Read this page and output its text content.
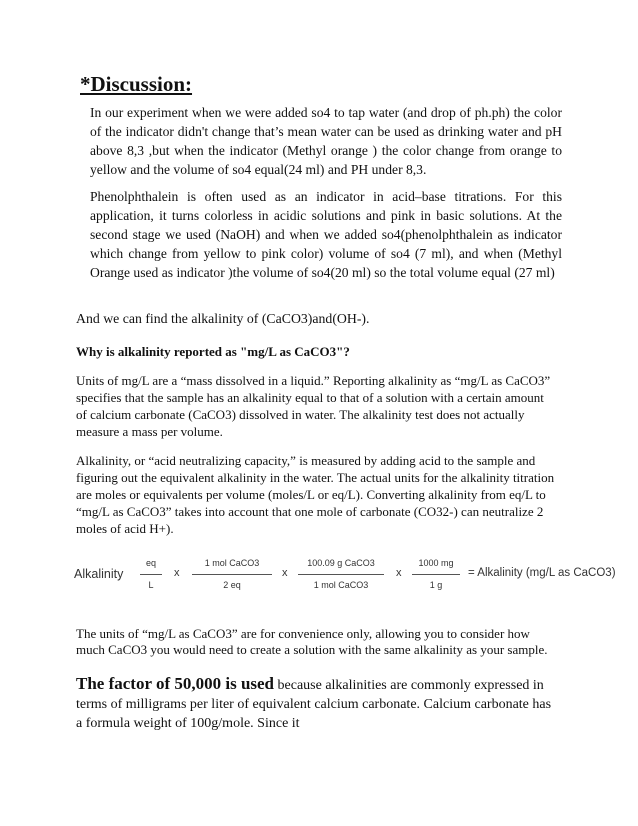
*Discussion:

In our experiment when we were added so4 to tap water (and drop of ph.ph) the color of the indicator didn't change that’s mean water can be used as drinking water and pH above 8,3 ,but when the indicator (Methyl orange ) the color change from orange to yellow and the volume of so4 equal(24 ml) and PH under 8,3.

Phenolphthalein is often used as an indicator in acid–base titrations. For this application, it turns colorless in acidic solutions and pink in basic solutions. At the second stage we used (NaOH) and when we added so4(phenolphthalein as indicator which change from yellow to pink color) volume of so4 (7 ml), and when (Methyl Orange used as indicator )the volume of so4(20 ml) so the total volume equal (27 ml)

And we can find the alkalinity of (CaCO3)and(OH-).

Why is alkalinity reported as "mg/L as CaCO3"?

Units of mg/L are a “mass dissolved in a liquid.” Reporting alkalinity as “mg/L as CaCO3” specifies that the sample has an alkalinity equal to that of a solution with a certain amount of calcium carbonate (CaCO3) dissolved in water. The alkalinity test does not actually measure a mass per volume.

Alkalinity, or “acid neutralizing capacity,” is measured by adding acid to the sample and figuring out the equivalent alkalinity in the water. The actual units for the alkalinity titration are moles or equivalents per volume (moles/L or eq/L). Converting alkalinity from eq/L to “mg/L as CaCO3” takes into account that one mole of carbonate (CO32-) can neutralize 2 moles of acid H+).

Alkalinity
eq
L
x
1 mol CaCO3
2 eq
x
100.09 g CaCO3
1 mol CaCO3
x
1000 mg
1 g
= Alkalinity (mg/L as CaCO3)

The units of “mg/L as CaCO3” are for convenience only, allowing you to consider how much CaCO3 you would need to create a solution with the same alkalinity as your sample.

The factor of 50,000 is used because alkalinities are commonly expressed in terms of milligrams per liter of equivalent calcium carbonate. Calcium carbonate has a formula weight of 100g/mole. Since it
